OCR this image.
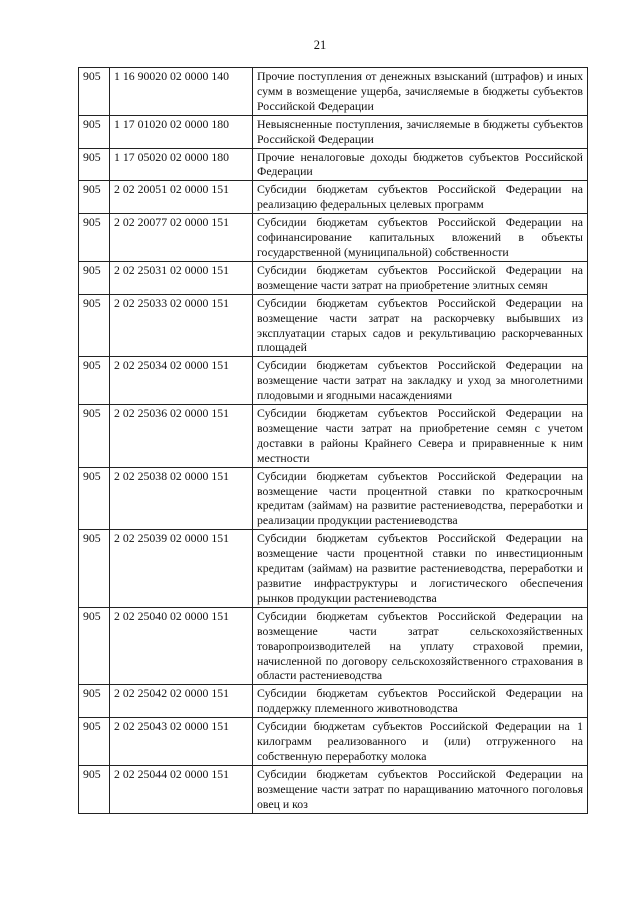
21
905	1 16 90020 02 0000 140	Прочие поступления от денежных взысканий (штрафов) и иных сумм в возмещение ущерба, зачисляемые в бюджеты субъектов Российской Федерации
905	1 17 01020 02 0000 180	Невыясненные поступления, зачисляемые в бюджеты субъектов Российской Федерации
905	1 17 05020 02 0000 180	Прочие неналоговые доходы бюджетов субъектов Российской Федерации
905	2 02 20051 02 0000 151	Субсидии бюджетам субъектов Российской Федерации на реализацию федеральных целевых программ
905	2 02 20077 02 0000 151	Субсидии бюджетам субъектов Российской Федерации на софинансирование капитальных вложений в объекты государственной (муниципальной) собственности
905	2 02 25031 02 0000 151	Субсидии бюджетам субъектов Российской Федерации на возмещение части затрат на приобретение элитных семян
905	2 02 25033 02 0000 151	Субсидии бюджетам субъектов Российской Федерации на возмещение части затрат на раскорчевку выбывших из эксплуатации старых садов и рекультивацию раскорчеванных площадей
905	2 02 25034 02 0000 151	Субсидии бюджетам субъектов Российской Федерации на возмещение части затрат на закладку и уход за многолетними плодовыми и ягодными насаждениями
905	2 02 25036 02 0000 151	Субсидии бюджетам субъектов Российской Федерации на возмещение части затрат на приобретение семян с учетом доставки в районы Крайнего Севера и приравненные к ним местности
905	2 02 25038 02 0000 151	Субсидии бюджетам субъектов Российской Федерации на возмещение части процентной ставки по краткосрочным кредитам (займам) на развитие растениеводства, переработки и реализации продукции растениеводства
905	2 02 25039 02 0000 151	Субсидии бюджетам субъектов Российской Федерации на возмещение части процентной ставки по инвестиционным кредитам (займам) на развитие растениеводства, переработки и развитие инфраструктуры и логистического обеспечения рынков продукции растениеводства
905	2 02 25040 02 0000 151	Субсидии бюджетам субъектов Российской Федерации на возмещение части затрат сельскохозяйственных товаропроизводителей на уплату страховой премии, начисленной по договору сельскохозяйственного страхования в области растениеводства
905	2 02 25042 02 0000 151	Субсидии бюджетам субъектов Российской Федерации на поддержку племенного животноводства
905	2 02 25043 02 0000 151	Субсидии бюджетам субъектов Российской Федерации на 1 килограмм реализованного и (или) отгруженного на собственную переработку молока
905	2 02 25044 02 0000 151	Субсидии бюджетам субъектов Российской Федерации на возмещение части затрат по наращиванию маточного поголовья овец и коз
